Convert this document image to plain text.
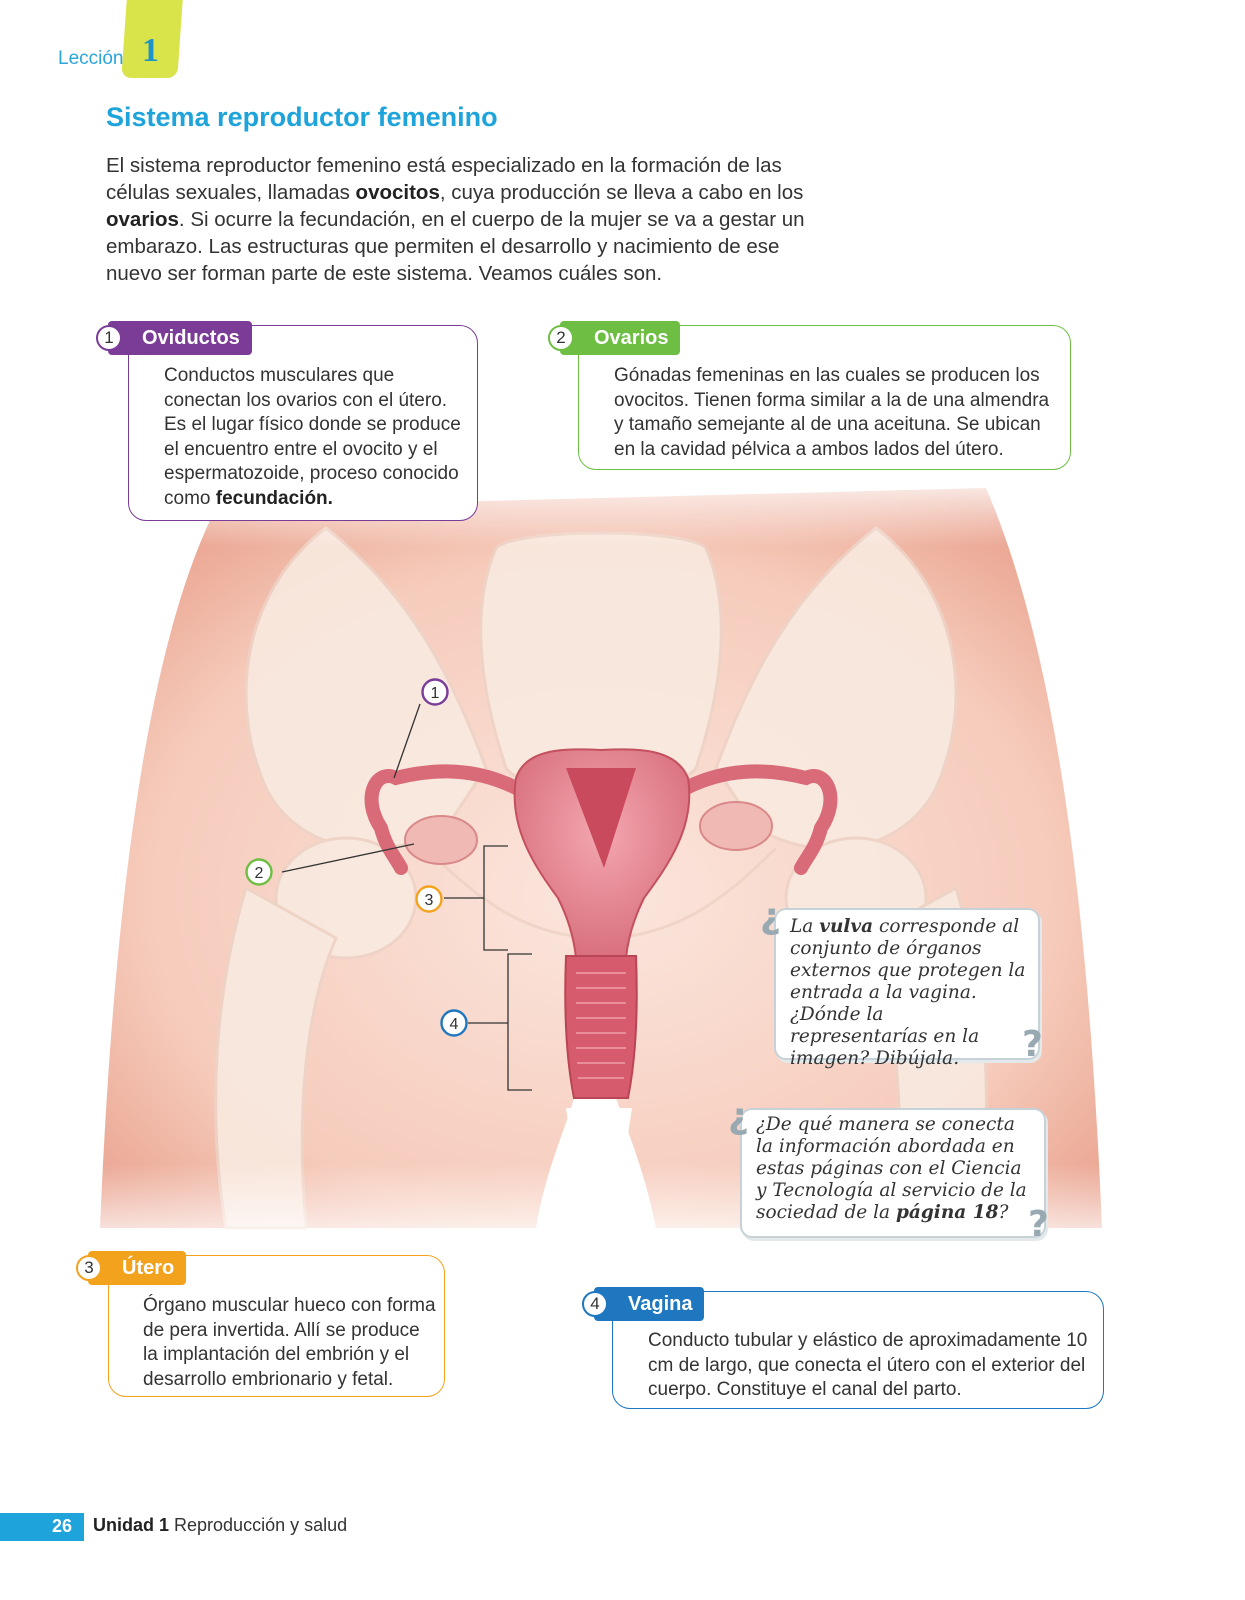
Lección 1
Sistema reproductor femenino

El sistema reproductor femenino está especializado en la formación de las células sexuales, llamadas ovocitos, cuya producción se lleva a cabo en los ovarios. Si ocurre la fecundación, en el cuerpo de la mujer se va a gestar un embarazo. Las estructuras que permiten el desarrollo y nacimiento de ese nuevo ser forman parte de este sistema. Veamos cuáles son.

1
2
3
4
1	Oviductos

Conductos musculares que conectan los ovarios con el útero. Es el lugar físico donde se produce el encuentro entre el ovocito y el espermatozoide, proceso conocido como fecundación.

2	Ovarios

Gónadas femeninas en las cuales se producen los ovocitos. Tienen forma similar a la de una almendra y tamaño semejante al de una aceituna. Se ubican en la cavidad pélvica a ambos lados del útero.

¿ La vulva corresponde al conjunto de órganos externos que protegen la entrada a la vagina. ¿Dónde la representarías en la imagen? Dibújala.	?
¿ ¿De qué manera se conecta la información abordada en estas páginas con el Ciencia y Tecnología al servicio de la sociedad de la página 18? ?
3	Útero

Órgano muscular hueco con forma de pera invertida. Allí se produce la implantación del embrión y el desarrollo embrionario y fetal.

4	Vagina

Conducto tubular y elástico de aproximadamente 10 cm de largo, que conecta el útero con el exterior del cuerpo. Constituye el canal del parto.

26 Unidad 1 Reproducción y salud
